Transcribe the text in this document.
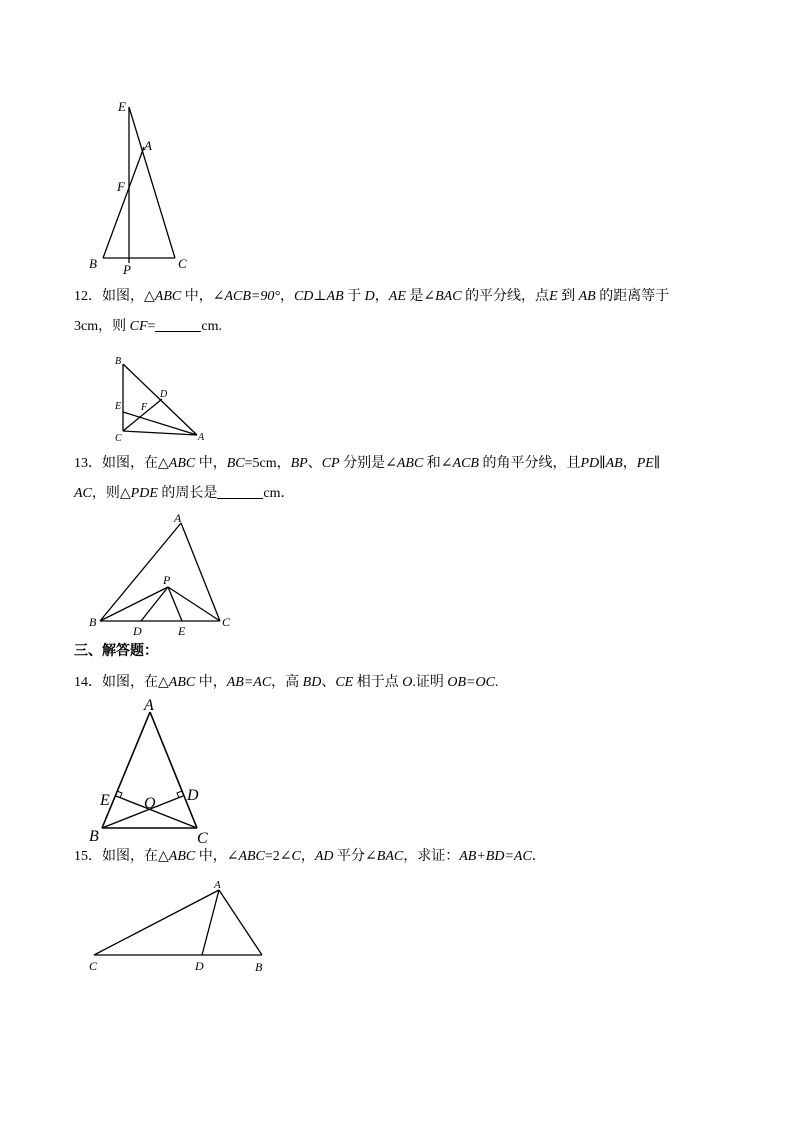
E
A
F
B P	C
12．如图，△ABC 中，∠ACB=90°，CD⊥AB 于 D，AE 是∠BAC 的平分线，点E 到 AB 的距离等于
3cm，则 CF=	cm.
B
D
E F
C	A
13．如图，在△ABC 中，BC=5cm，BP、CP 分别是∠ABC 和∠ACB 的角平分线，且PD∥AB，PE∥
AC，则△PDE 的周长是	cm．
A
P
B
D	E
C
三、解答题：
14．如图，在△ABC 中，AB=AC，高 BD、CE 相于点 O.证明 OB=OC.
A
E O D
B	C
15．如图，在△ABC 中，∠ABC=2∠C，AD 平分∠BAC，求证：AB+BD=AC．
A
C	D	B
